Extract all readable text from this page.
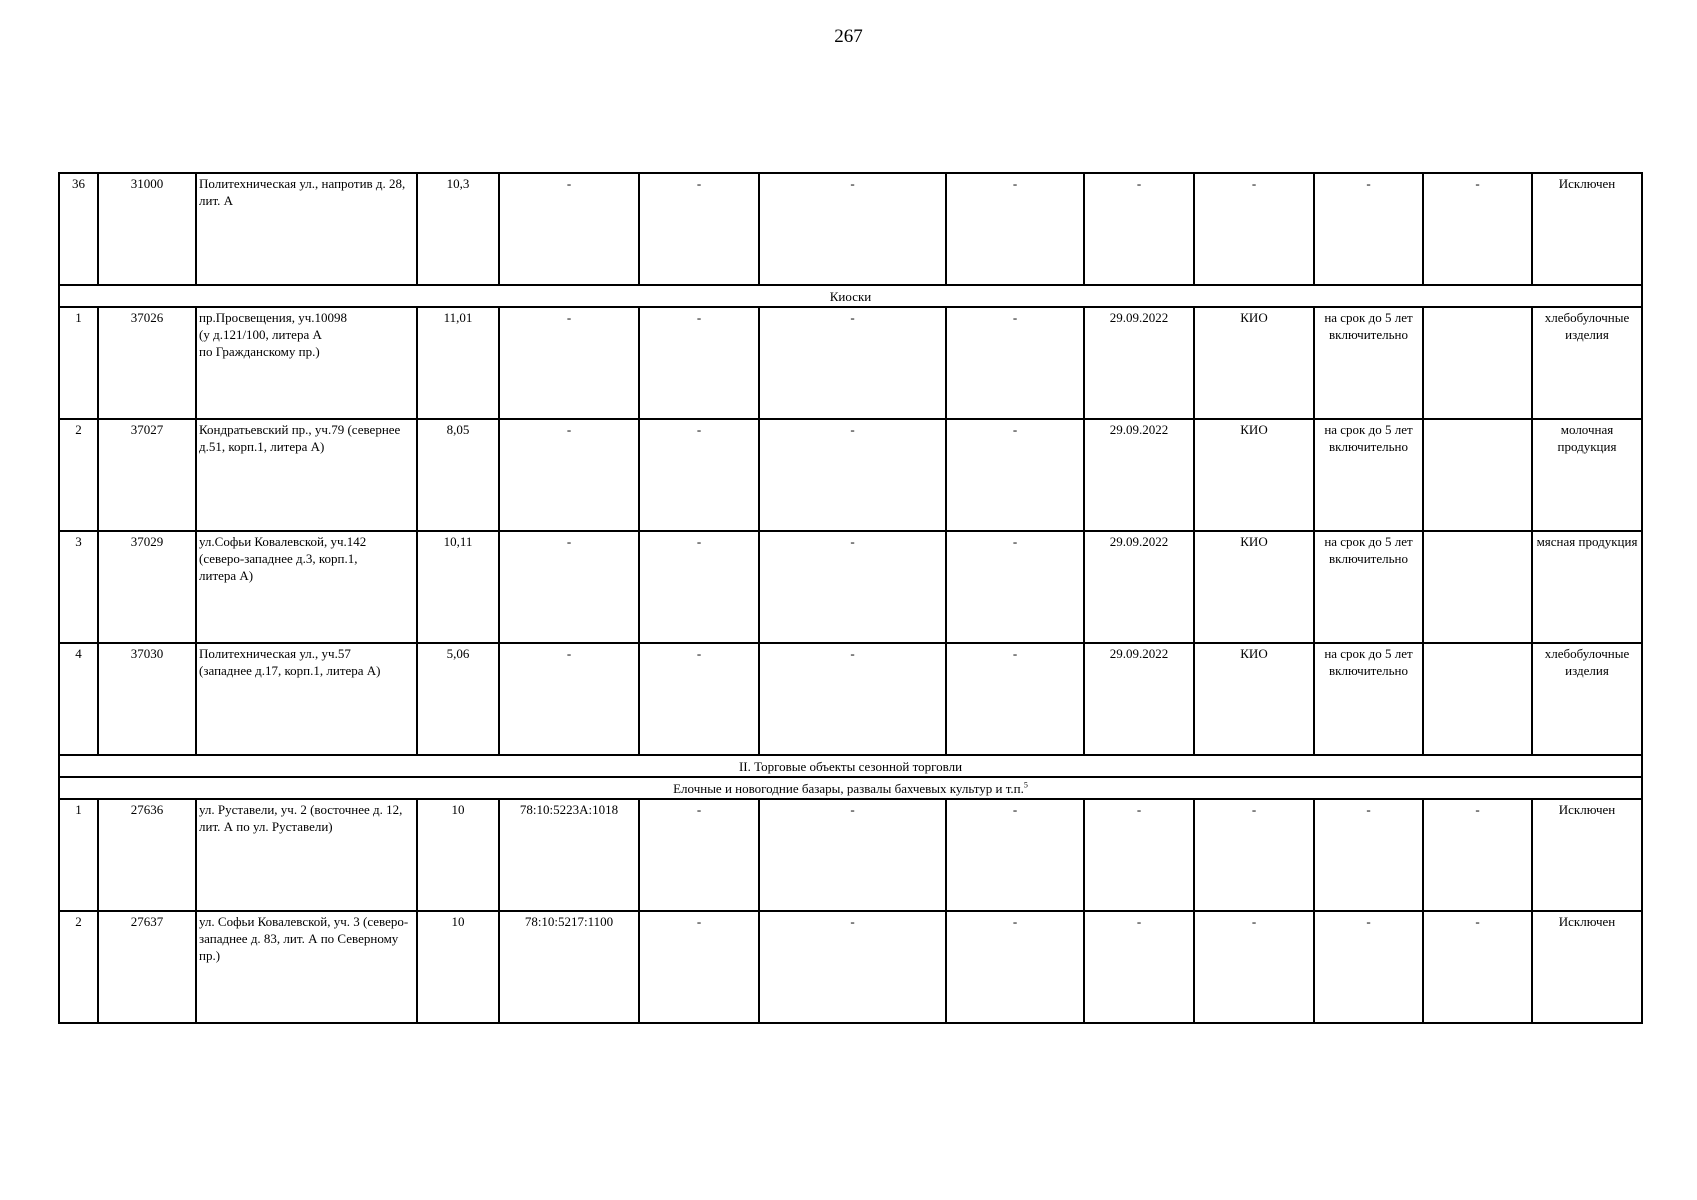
267
36	31000	Политехническая ул., напротив д. 28,
лит. А	10,3	-	-	-	-	-	-	-	-	Исключен
Киоски												
1	37026	пр.Просвещения, уч.10098
(у д.121/100, литера А
по Гражданскому пр.)	11,01	-	-	-	-	29.09.2022	КИО	на срок до 5 лет включительно		хлебобулочные изделия
2	37027	Кондратьевский пр., уч.79 (севернее д.51, корп.1, литера А)	8,05	-	-	-	-	29.09.2022	КИО	на срок до 5 лет включительно		молочная продукция
3	37029	ул.Софьи Ковалевской, уч.142
(северо-западнее д.3, корп.1,
литера А)	10,11	-	-	-	-	29.09.2022	КИО	на срок до 5 лет включительно		мясная продукция
4	37030	Политехническая ул., уч.57
(западнее д.17, корп.1, литера А)	5,06	-	-	-	-	29.09.2022	КИО	на срок до 5 лет включительно		хлебобулочные изделия
II. Торговые объекты сезонной торговли												
Елочные и новогодние базары, развалы бахчевых культур и т.п.$^5$
1	27636	ул. Руставели, уч. 2 (восточнее д. 12, лит. А по ул. Руставели)	10	78:10:5223А:1018	-	-	-	-	-	-	-	Исключен
2	27637	ул. Софьи Ковалевской, уч. 3 (северо-западнее д. 83, лит. А по Северному пр.)	10	78:10:5217:1100	-	-	-	-	-	-	-	Исключен
